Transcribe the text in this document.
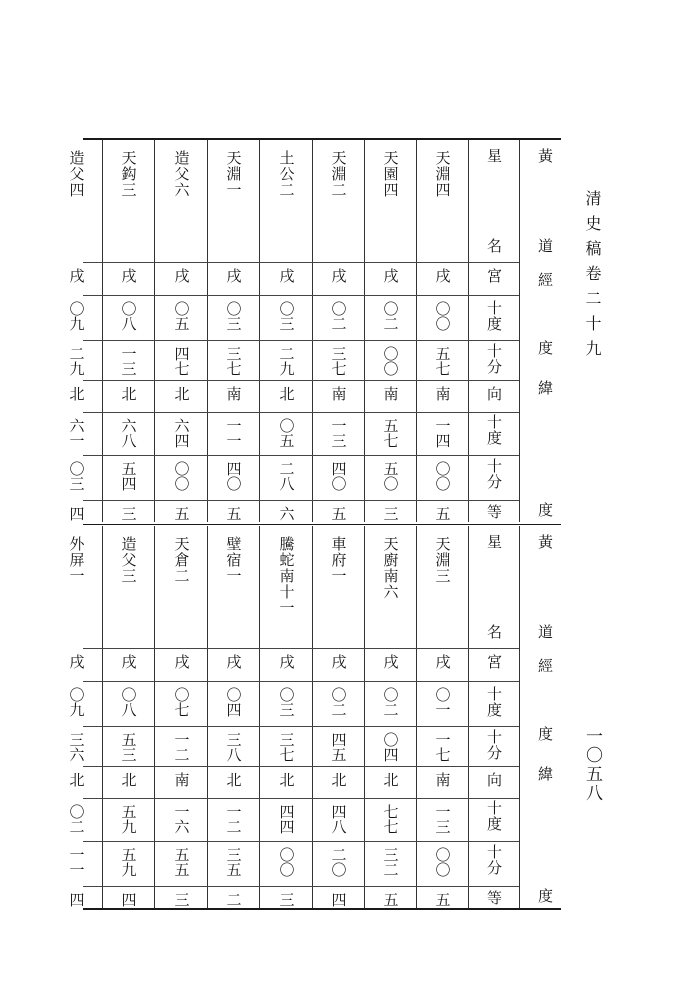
清史稿卷二十九
一〇五八
黃
道
經
度
緯
度
星
名
宮
十度
十分
向
十度
十分
等
天淵四
戌
〇〇
五七
南
一四
〇〇
五
天園四
戌
〇二
〇〇
南
五七
五〇
三
天淵二
戌
〇二
三七
南
一三
四〇
五
土公二
戌
〇三
二九
北
〇五
二八
六
天淵一
戌
〇三
三七
南
一一
四〇
五
造父六
戌
〇五
四七
北
六四
〇〇
五
天鈎三
戌
〇八
一三
北
六八
五四
三
造父四
戌
〇九
二九
北
六一
〇三
四
黃
道
經
度
緯
度
星
名
宮
十度
十分
向
十度
十分
等
天淵三
戌
〇一
一七
南
一三
〇〇
五
天廚南六
戌
〇二
〇四
北
七七
三二
五
車府一
戌
〇二
四五
北
四八
二〇
四
騰蛇南十一
戌
〇三
三七
北
四四
〇〇
三
壁宿一
戌
〇四
三八
北
一二
三五
二
天倉二
戌
〇七
一二
南
一六
五五
三
造父三
戌
〇八
五三
北
五九
五九
四
外屏一
戌
〇九
三六
北
〇二
一一
四
